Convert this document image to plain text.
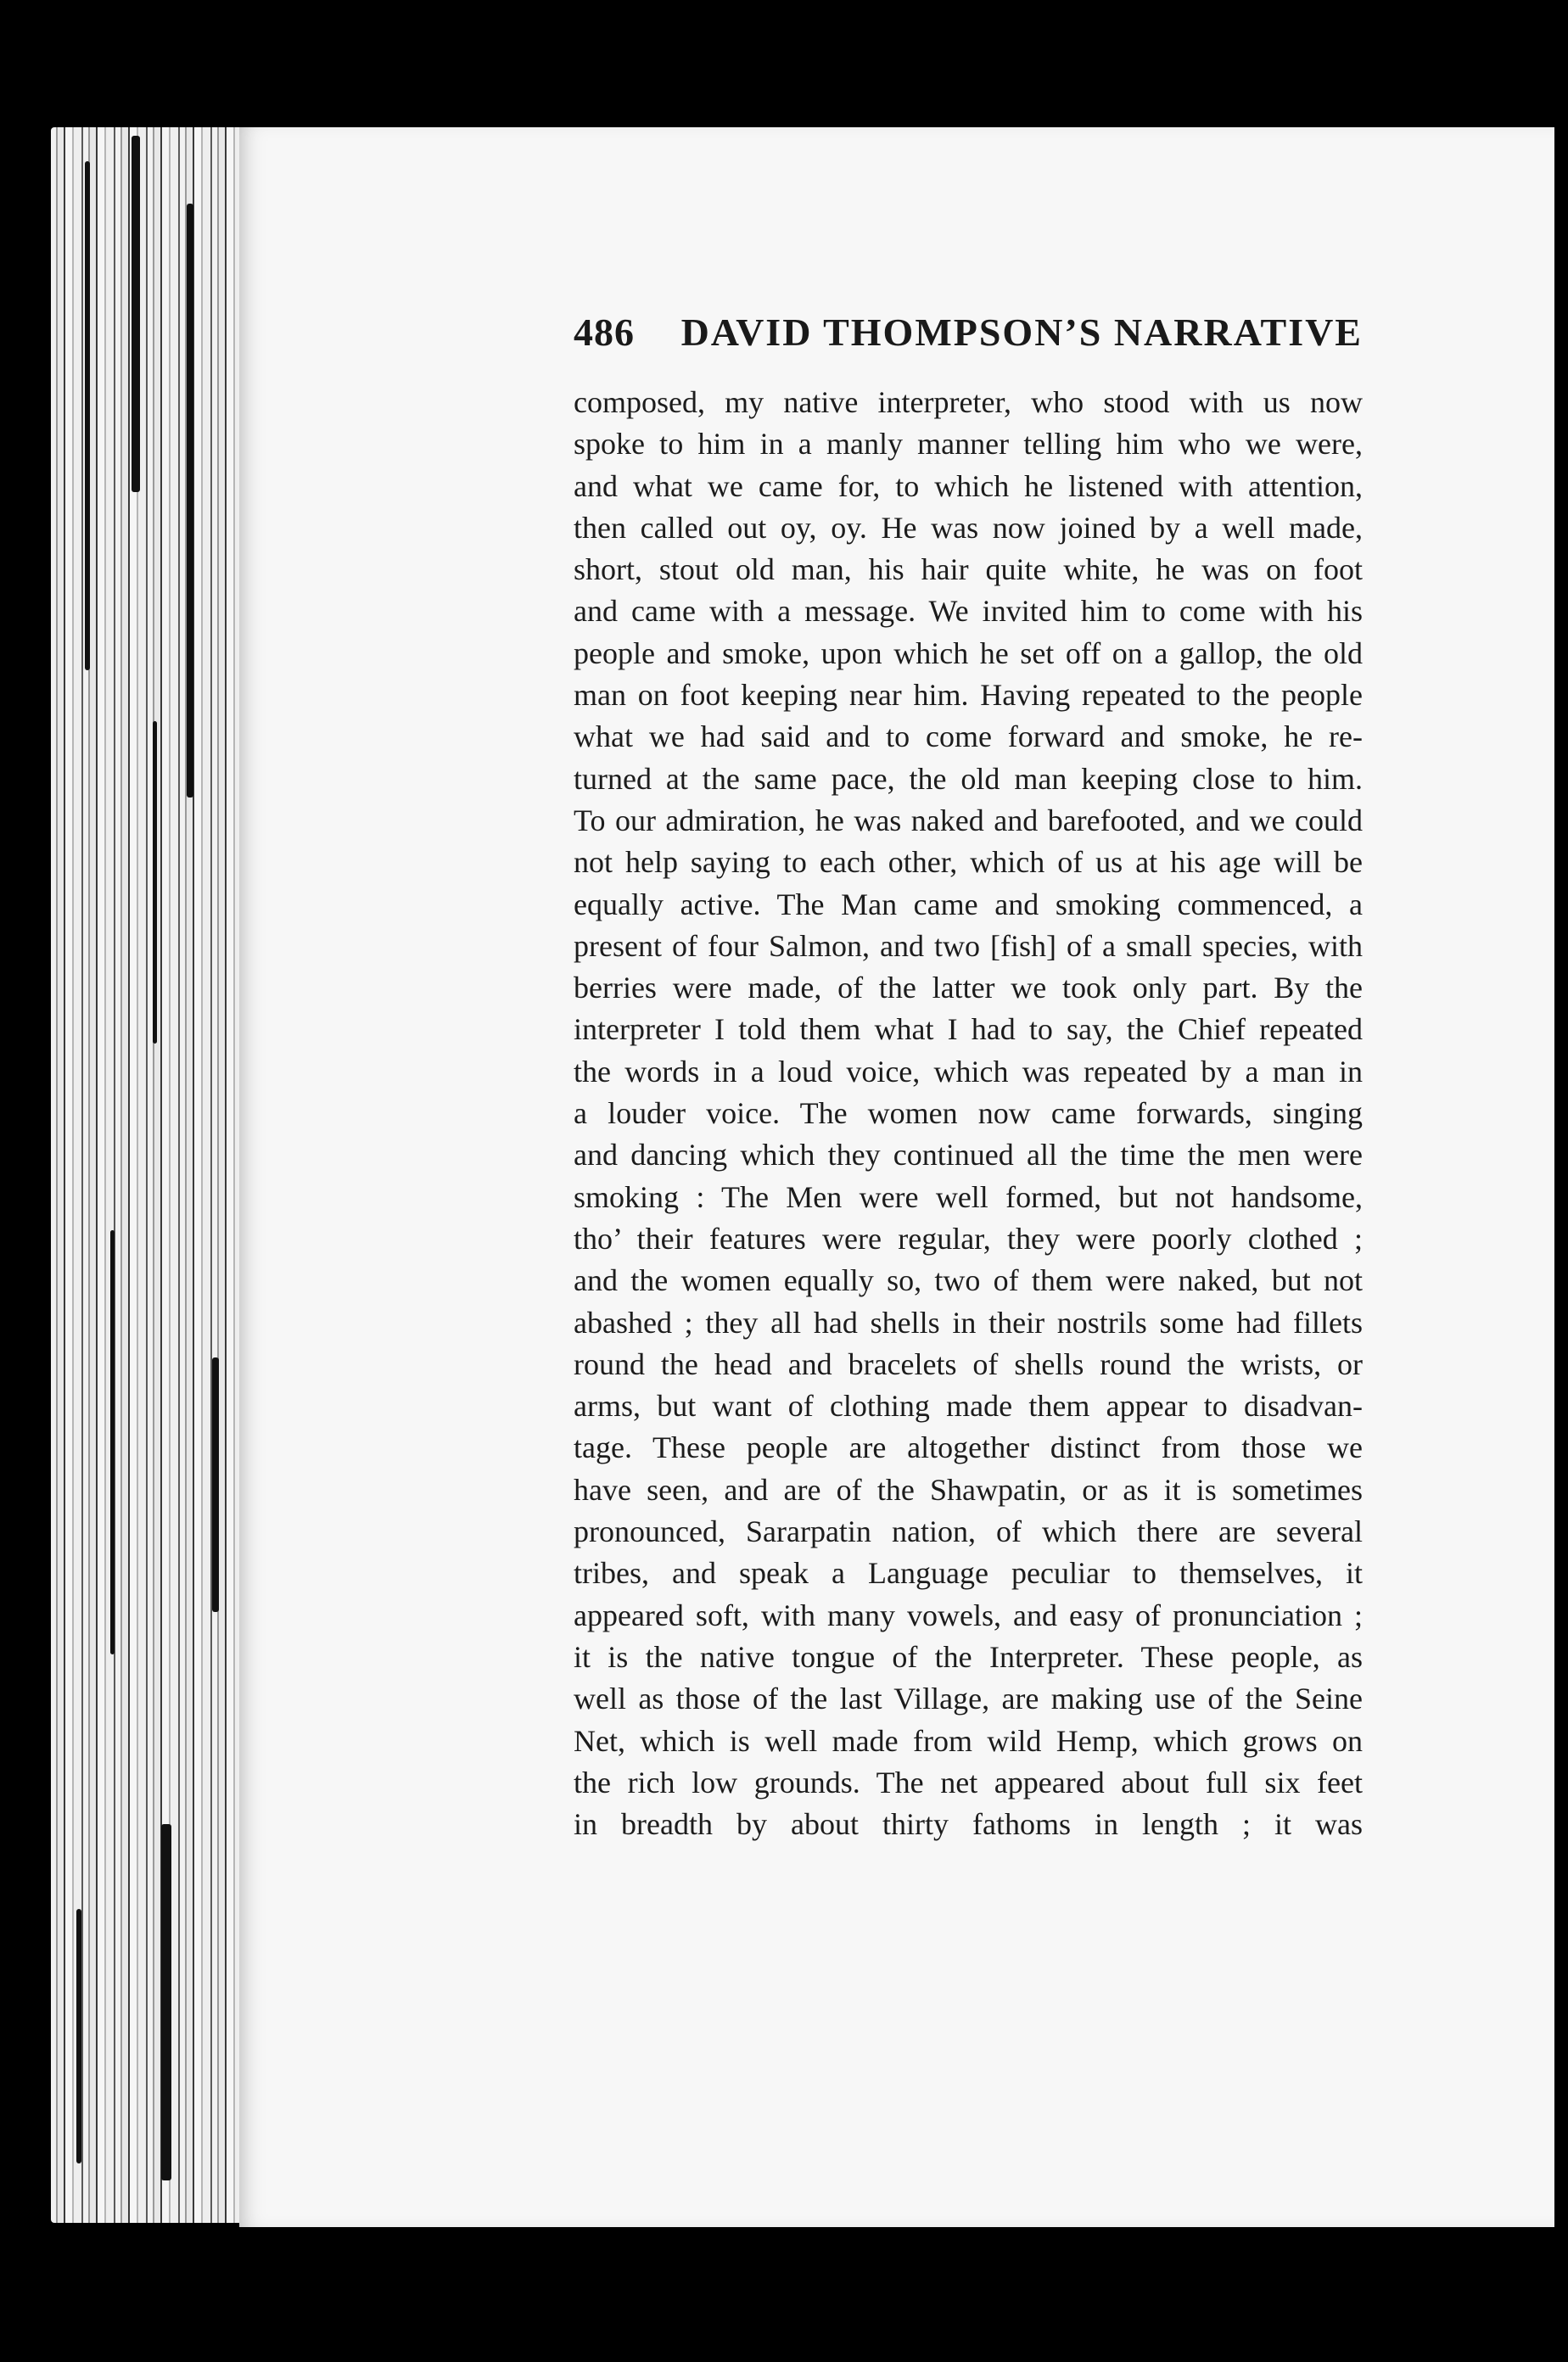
486 DAVID THOMPSON’S NARRATIVE
composed, my native interpreter, who stood with us now
spoke to him in a manly manner telling him who we were,
and what we came for, to which he listened with attention,
then called out oy, oy. He was now joined by a well made,
short, stout old man, his hair quite white, he was on foot
and came with a message. We invited him to come with his
people and smoke, upon which he set off on a gallop, the old
man on foot keeping near him. Having repeated to the people
what we had said and to come forward and smoke, he re-
turned at the same pace, the old man keeping close to him.
To our admiration, he was naked and barefooted, and we could
not help saying to each other, which of us at his age will be
equally active. The Man came and smoking commenced, a
present of four Salmon, and two [fish] of a small species, with
berries were made, of the latter we took only part. By the
interpreter I told them what I had to say, the Chief repeated
the words in a loud voice, which was repeated by a man in
a louder voice. The women now came forwards, singing
and dancing which they continued all the time the men were
smoking : The Men were well formed, but not handsome,
tho’ their features were regular, they were poorly clothed ;
and the women equally so, two of them were naked, but not
abashed ; they all had shells in their nostrils some had fillets
round the head and bracelets of shells round the wrists, or
arms, but want of clothing made them appear to disadvan-
tage. These people are altogether distinct from those we
have seen, and are of the Shawpatin, or as it is sometimes
pronounced, Sararpatin nation, of which there are several
tribes, and speak a Language peculiar to themselves, it
appeared soft, with many vowels, and easy of pronunciation ;
it is the native tongue of the Interpreter. These people, as
well as those of the last Village, are making use of the Seine
Net, which is well made from wild Hemp, which grows on
the rich low grounds. The net appeared about full six feet
in breadth by about thirty fathoms in length ; it was
